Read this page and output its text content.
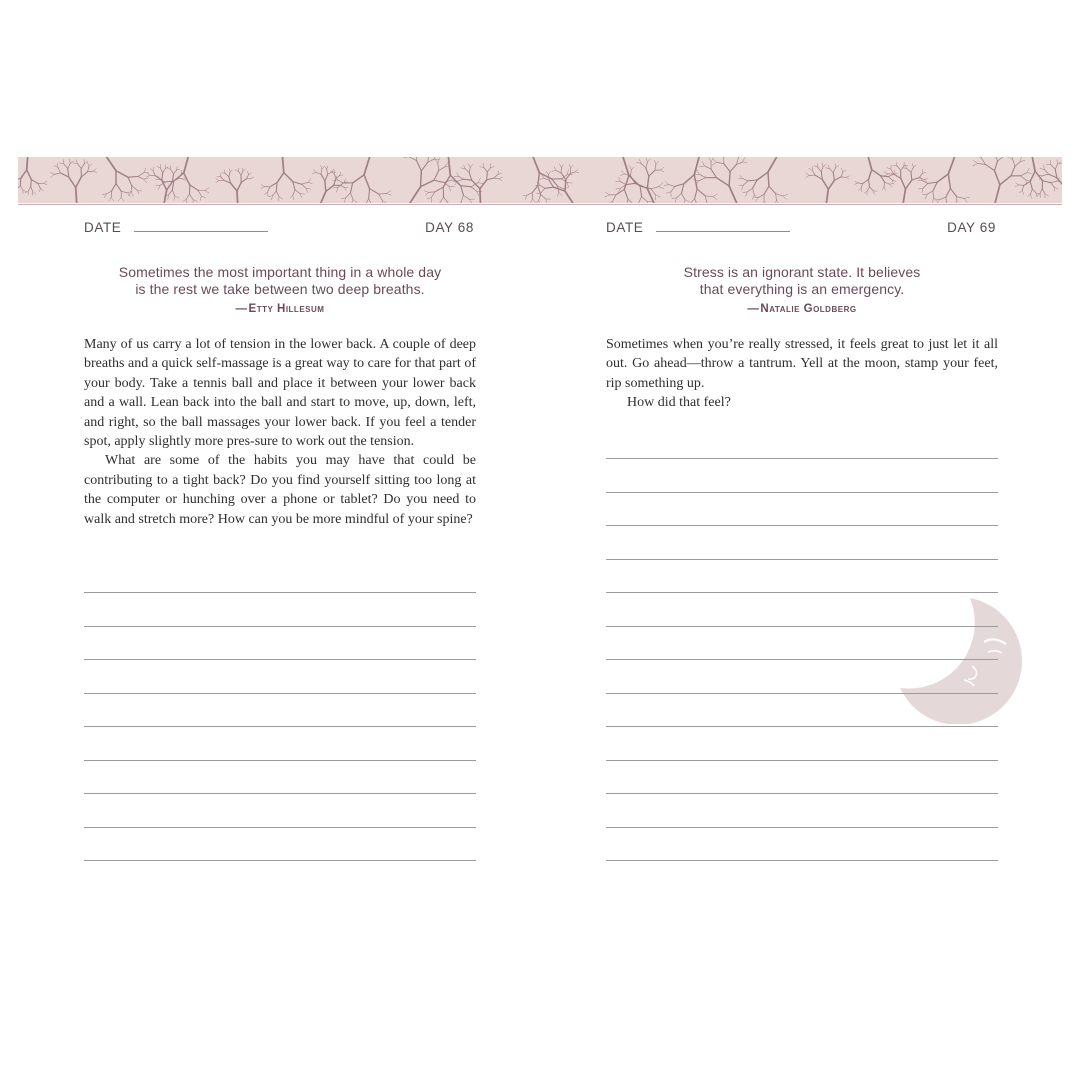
DATE	DAY 68
Sometimes the most important thing in a whole day
is the rest we take between two deep breaths.
—Etty Hillesum

Many of us carry a lot of tension in the lower back. A couple of deep breaths and a quick self-massage is a great way to care for that part of your body. Take a tennis ball and place it between your lower back and a wall. Lean back into the ball and start to move, up, down, left, and right, so the ball massages your lower back. If you feel a tender spot, apply slightly more pres-sure to work out the tension.

What are some of the habits you may have that could be contributing to a tight back? Do you find yourself sitting too long at the computer or hunching over a phone or tablet? Do you need to walk and stretch more? How can you be more mindful of your spine?

DATE	DAY 69
Stress is an ignorant state. It believes
that everything is an emergency.
—Natalie Goldberg

Sometimes when you’re really stressed, it feels great to just let it all out. Go ahead—throw a tantrum. Yell at the moon, stamp your feet, rip something up.

How did that feel?
